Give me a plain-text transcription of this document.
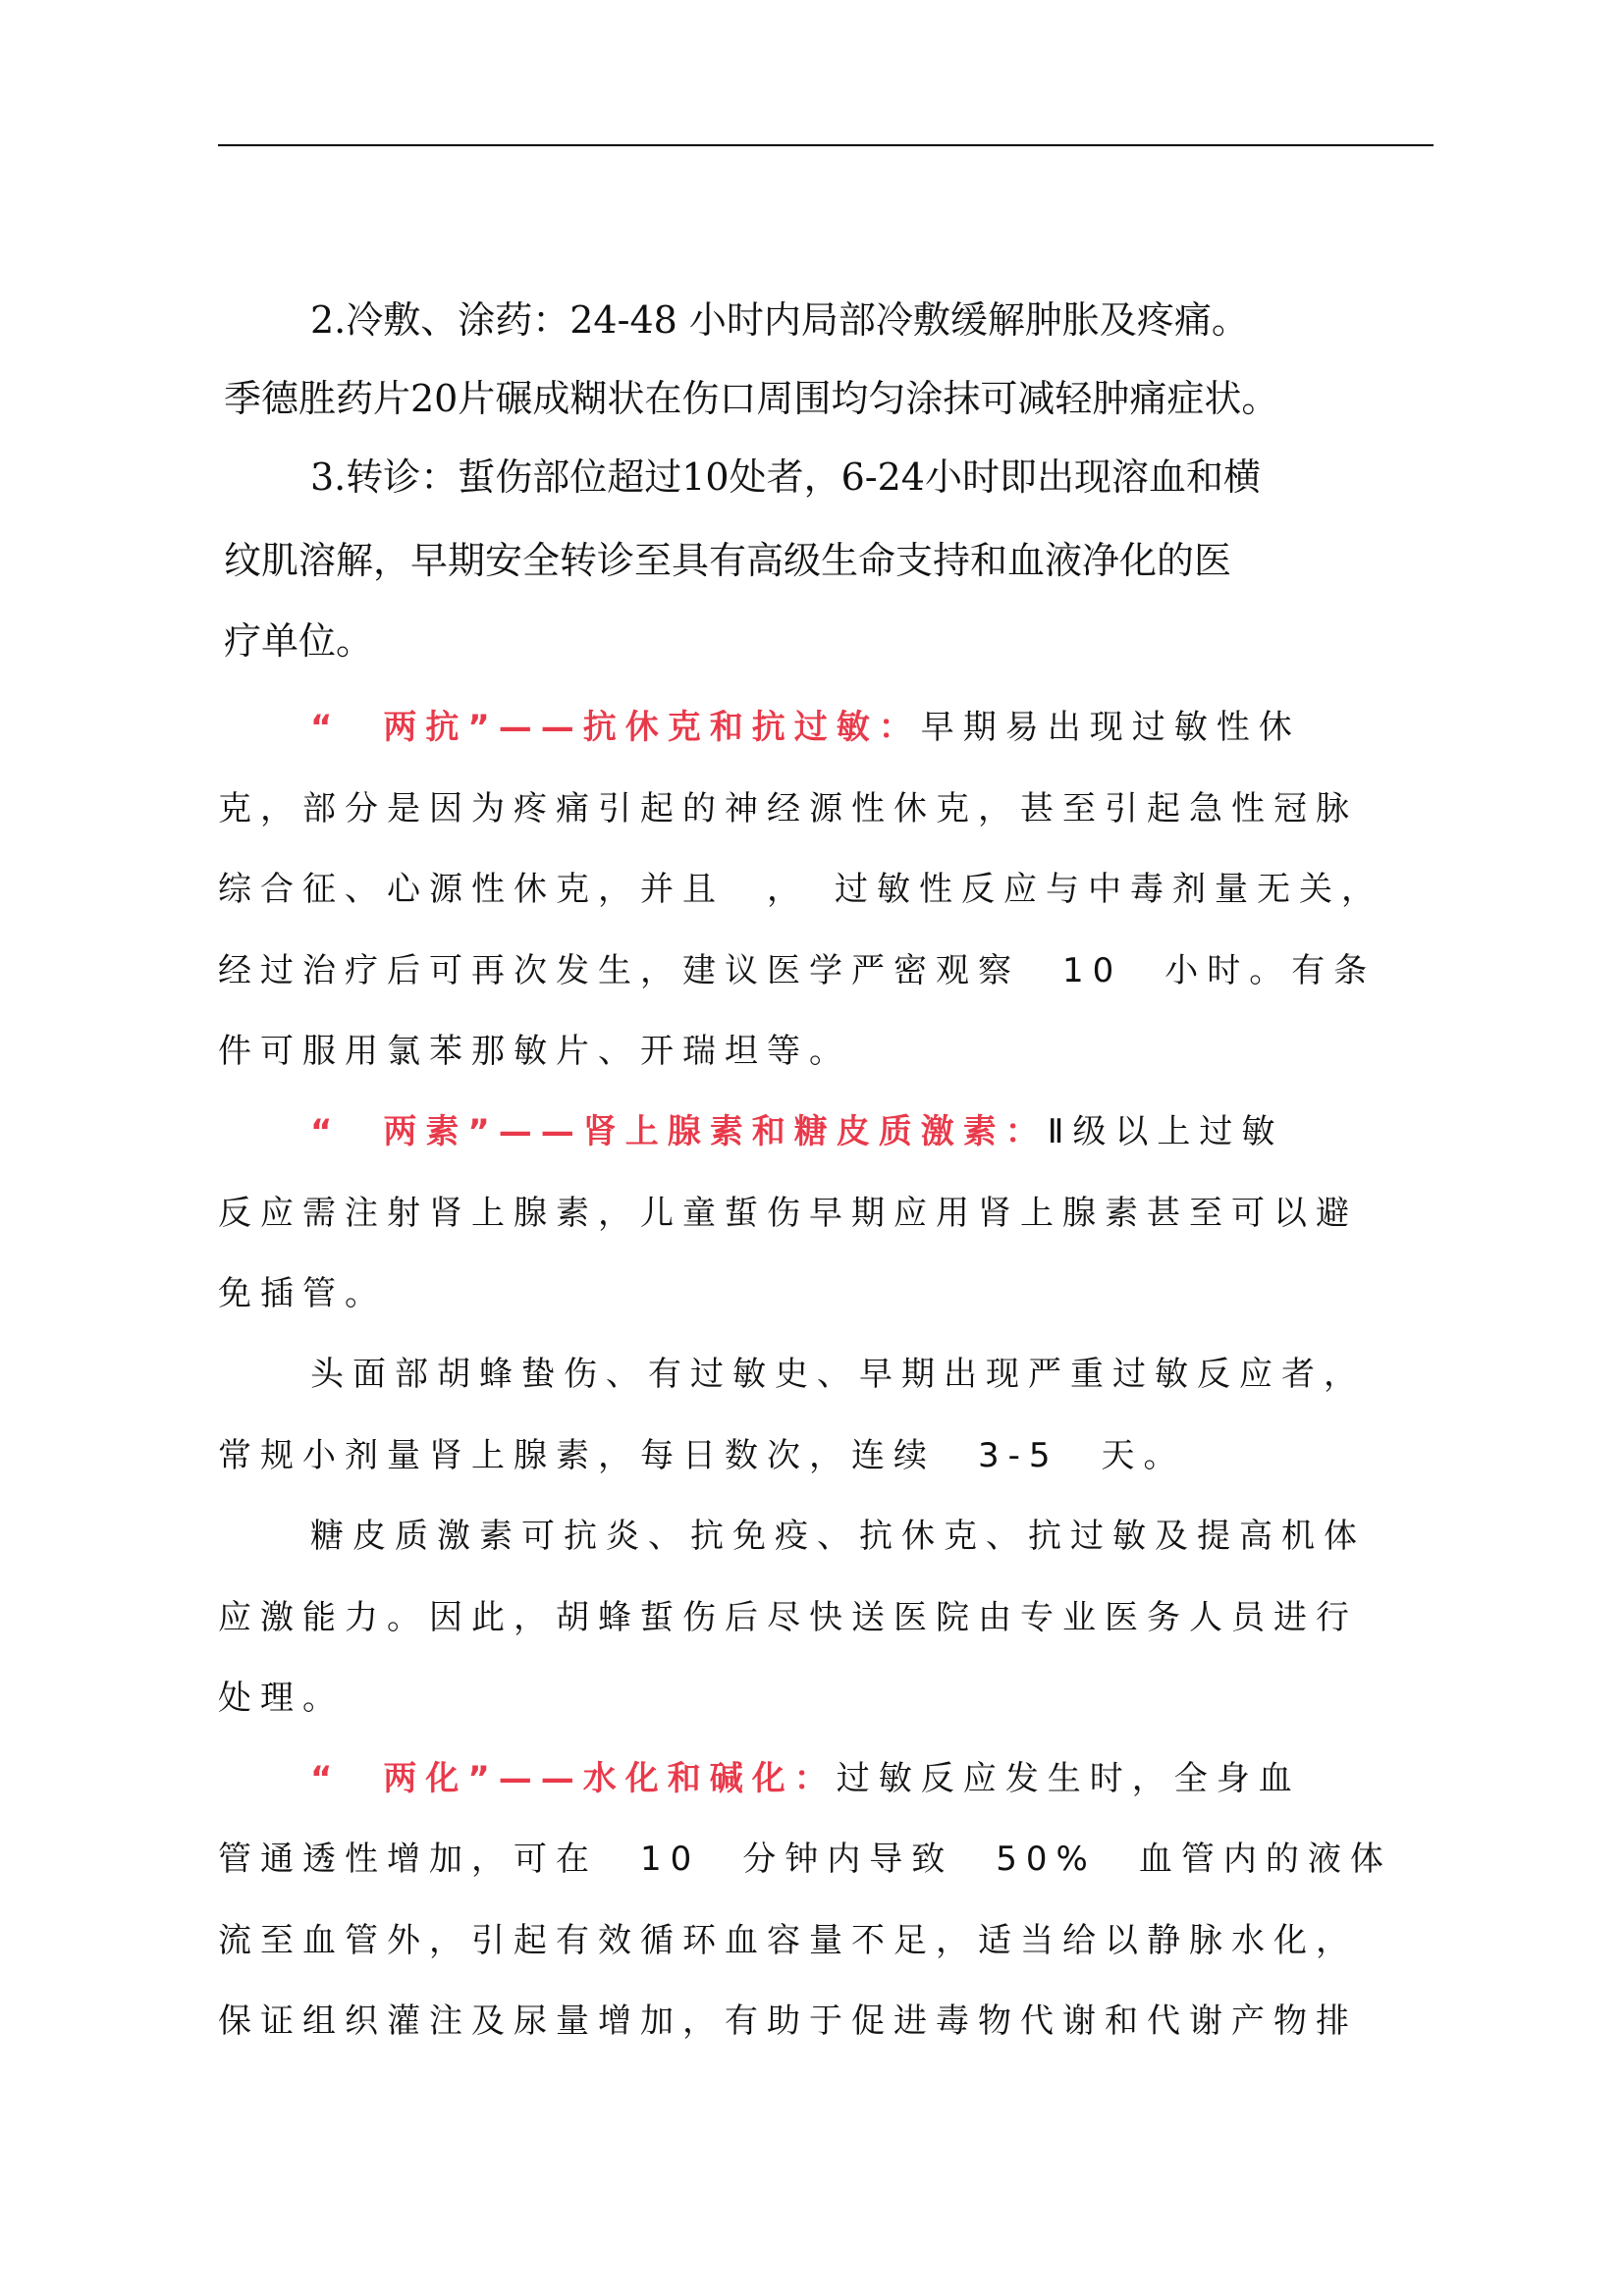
2.冷敷、涂药：24-48 小时内局部冷敷缓解肿胀及疼痛。
季德胜药片20片碾成糊状在伤口周围均匀涂抹可减轻肿痛症状。
3.转诊：蜇伤部位超过10处者，6-24小时即出现溶血和横
纹肌溶解，早期安全转诊至具有高级生命支持和血液净化的医
疗单位。
“　两抗”——抗休克和抗过敏：早期易出现过敏性休
克，部分是因为疼痛引起的神经源性休克，甚至引起急性冠脉
综合征、心源性休克，并且　，　过敏性反应与中毒剂量无关，
经过治疗后可再次发生，建议医学严密观察　10　小时。有条
件可服用氯苯那敏片、开瑞坦等。
“　两素”——肾上腺素和糖皮质激素：Ⅱ级以上过敏
反应需注射肾上腺素，儿童蜇伤早期应用肾上腺素甚至可以避
免插管。
头面部胡蜂蛰伤、有过敏史、早期出现严重过敏反应者，
常规小剂量肾上腺素，每日数次，连续　3-5　天。
糖皮质激素可抗炎、抗免疫、抗休克、抗过敏及提高机体
应激能力。因此，胡蜂蜇伤后尽快送医院由专业医务人员进行
处理。
“　两化”——水化和碱化：过敏反应发生时，全身血
管通透性增加，可在　10　分钟内导致　50%　血管内的液体
流至血管外，引起有效循环血容量不足，适当给以静脉水化，
保证组织灌注及尿量增加，有助于促进毒物代谢和代谢产物排
